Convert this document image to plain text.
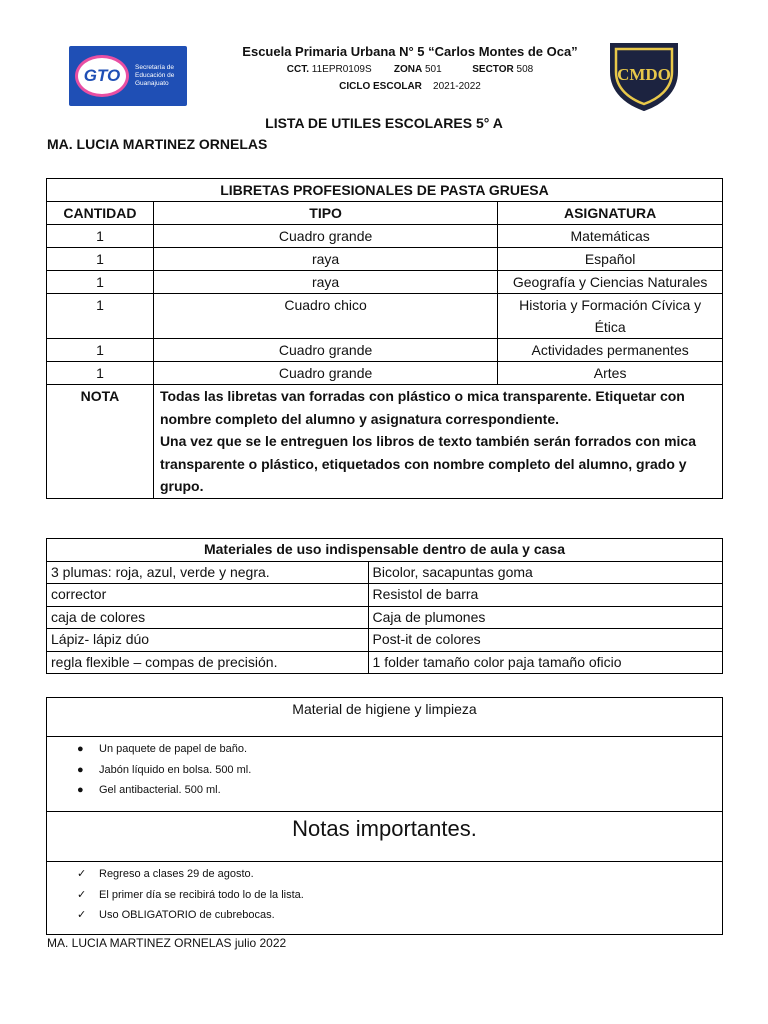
GTO	Secretaría de Educación de Guanajuato
Escuela Primaria Urbana N° 5 “Carlos Montes de Oca”
CCT. 11EPR0109S ZONA 501	SECTOR 508
CICLO ESCOLAR 2021-2022
CMDO
LISTA DE UTILES ESCOLARES 5° A
MA. LUCIA MARTINEZ ORNELAS
LIBRETAS PROFESIONALES DE PASTA GRUESA		
CANTIDAD	TIPO	ASIGNATURA
1	Cuadro grande	Matemáticas
1	raya	Español
1	raya	Geografía y Ciencias Naturales
1	Cuadro chico	Historia y Formación Cívica y Ética
1	Cuadro grande	Actividades permanentes
1	Cuadro grande	Artes
NOTA	Todas las libretas van forradas con plástico o mica transparente. Etiquetar con nombre completo del alumno y asignatura correspondiente.
Una vez que se le entreguen los libros de texto también serán forrados con mica transparente o plástico, etiquetados con nombre completo del alumno, grado y grupo.	
Materiales de uso indispensable dentro de aula y casa	
3 plumas: roja, azul, verde y negra.	Bicolor, sacapuntas goma
corrector	Resistol de barra
caja de colores	Caja de plumones
Lápiz- lápiz dúo	Post-it de colores
regla flexible – compas de precisión.	1 folder tamaño color paja tamaño oficio
Material de higiene y limpieza
● Un paquete de papel de baño.
● Jabón líquido en bolsa. 500 ml.
● Gel antibacterial. 500 ml.
Notas importantes.
✓ Regreso a clases 29 de agosto.
✓ El primer día se recibirá todo lo de la lista.
✓ Uso OBLIGATORIO de cubrebocas.
MA. LUCIA MARTINEZ ORNELAS julio 2022
